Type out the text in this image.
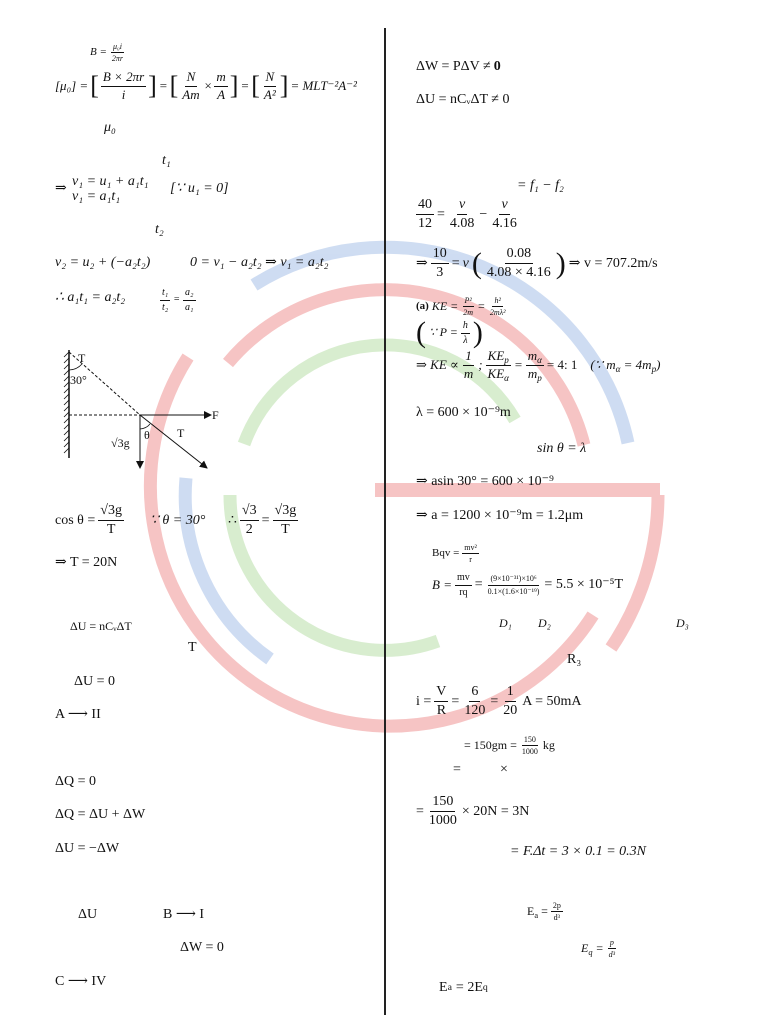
$B = \frac{\text{μ₀i}}{2\pi r}$
[μ₀] = [ $\frac{B \times 2\pi r}{i}$ ] = [ $\frac{N}{Am} \times \frac{m}{A}$ ] = [ $\frac{N}{\text{A²}}$ ] = MLT⁻²A⁻²
μ₀
t₁
⇒ v₁ = u₁ + a₁t₁
v₁ = a₁t₁
[∵ u₁ = 0]
t₂
v₂ = u₂ + (−a₂t₂)	0 = v₁ − a₂t₂ ⇒ v₁ = a₂t₂
∴ a₁t₁ = a₂t₂	$\frac{\text{t₁}}{\text{t₂}} = \frac{\text{a₂}}{\text{a₁}}$
T
30°
F
√3g
θ T
$\cos \theta = \frac{√3g}{T}$ ∵ θ = 30° ∴ $\frac{√3}{2} = \frac{√3g}{T}$
⇒ T = 20N
ΔU = nCᵥΔT
T
ΔU = 0
A ⟶ II
ΔQ = 0
ΔQ = ΔU + ΔW
ΔU = −ΔW
ΔU	B ⟶ I
ΔW = 0
C ⟶ IV
ΔW = PΔV ≠ 0
ΔU = nCᵥΔT ≠ 0
= f₁ − f₂
$\frac{40}{12} = \frac{v}{4.08} - \frac{v}{4.16}$
⇒ $\frac{10}{3} = v$ ( $\frac{0.08}{4.08 \times 4.16}$ ) ⇒ v = 707.2m/s
(a) KE = $\frac{\text{P²}}{2m} = \frac{\text{h²}}{\text{2mλ²}}$
( ∵ $P = \frac{h}{\lambda}$ )
⇒ KE ∝ $\frac{1}{m}$ ;
$KE_p$
$KE_\alpha$
= $\frac{m_\alpha}{m_p} = 4$: 1 (∵ $m_\alpha = 4m_p$)
λ = 600 × 10⁻⁹m
sin θ = λ
⇒ asin 30° = 600 × 10⁻⁹
⇒ a = 1200 × 10⁻⁹m = 1.2μm
Bqv = $\frac{\text{mv²}}{r}$
$B = \frac{mv}{rq} = \frac{\text{(9×10⁻³¹)×10⁶}}{\text{0.1×(1.6×10⁻¹⁹)}} = 5.5 \times 10^{-5}T$
D₁ D₂	D₃
R₃
$i = \frac{V}{R} = \frac{6}{120} = \frac{1}{20}$ A = 50mA
= $150gm = \frac{150}{1000}$ kg
=	×
= $\frac{150}{1000} \times 20N = 3N$
= F.Δt = 3 × 0.1 = 0.3N
$E_a = \frac{2p}{\text{d³}}$
$E_q = \frac{p}{\text{d³}}$
E a = 2E q
